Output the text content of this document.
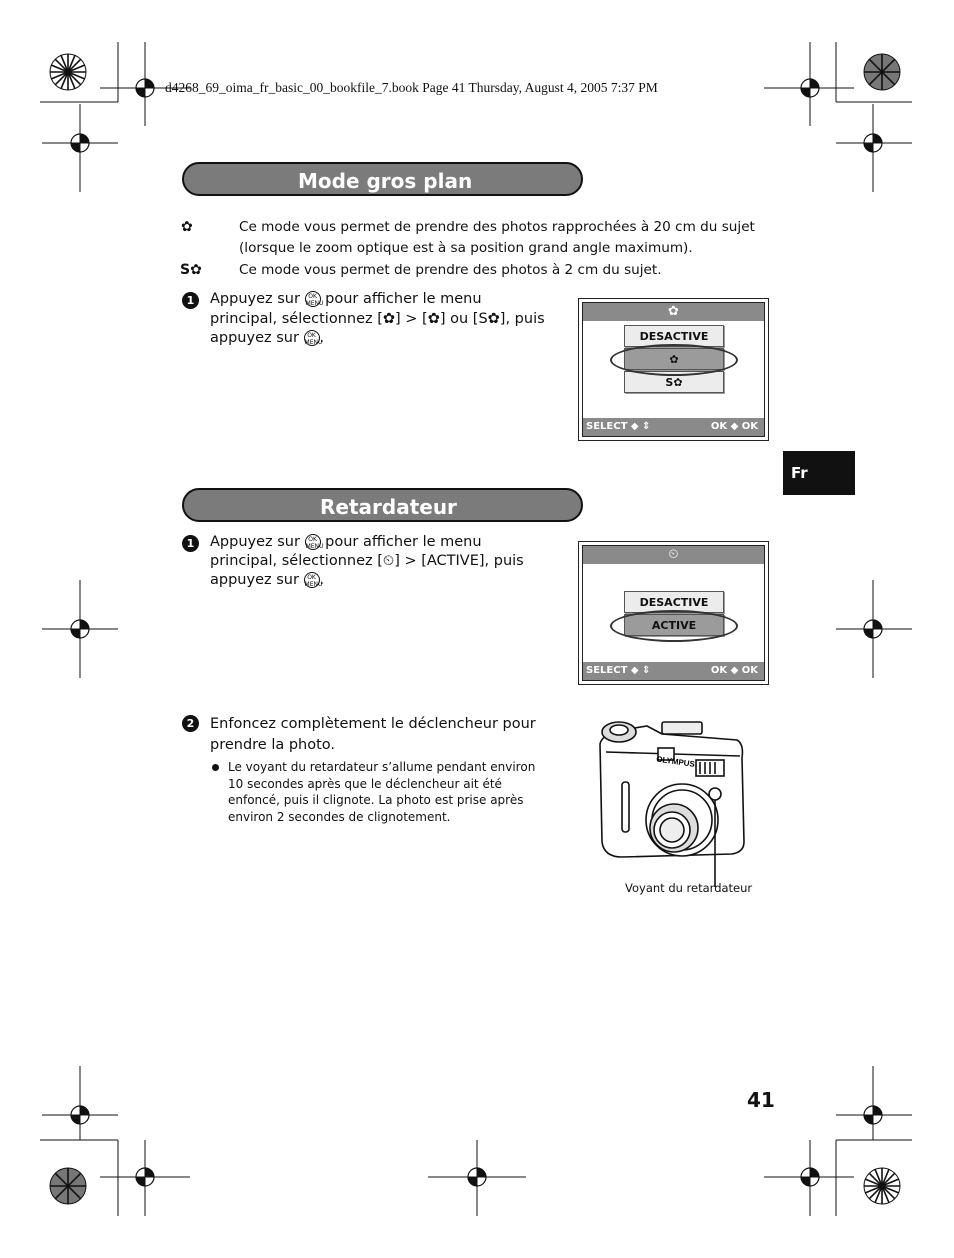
d4268_69_oima_fr_basic_00_bookfile_7.book Page 41 Thursday, August 4, 2005 7:37 PM
Mode gros plan
✿	Ce mode vous permet de prendre des photos rapprochées à 20 cm du sujet
(lorsque le zoom optique est à sa position grand angle maximum).
S✿	Ce mode vous permet de prendre des photos à 2 cm du sujet.
1	Appuyez sur OK
MENU pour afficher le menu
principal, sélectionnez [✿] > [✿] ou [S✿], puis
appuyez sur OK
MENU.
✿
DESACTIVE
✿
S✿
SELECT ◆ ⇕	OK ◆ OK
Fr
Retardateur
1	Appuyez sur OK
MENU pour afficher le menu
principal, sélectionnez [⏲] > [ACTIVE], puis
appuyez sur OK
MENU.
⏲
DESACTIVE
ACTIVE
SELECT ◆ ⇕	OK ◆ OK
2	Enfoncez complètement le déclencheur pour
prendre la photo.
Le voyant du retardateur s’allume pendant environ
10 secondes après que le déclencheur ait été
enfoncé, puis il clignote. La photo est prise après
environ 2 secondes de clignotement.
OLYMPUS
Voyant du retardateur
41
